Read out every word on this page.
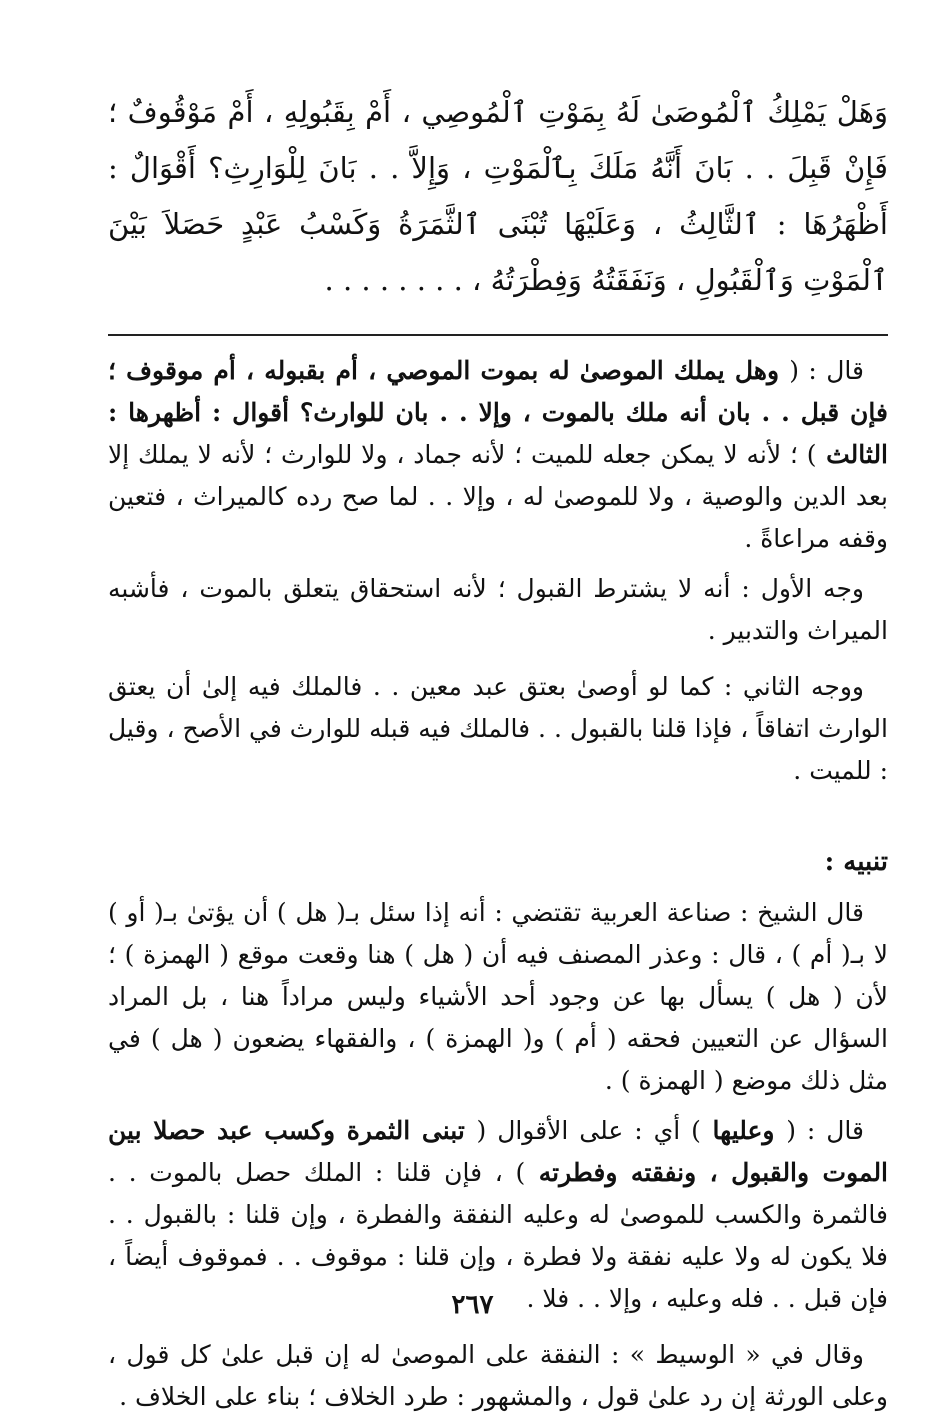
وَهَلْ يَمْلِكُ ٱلْمُوصَىٰ لَهُ بِمَوْتِ ٱلْمُوصِي ، أَمْ بِقَبُولِهِ ، أَمْ مَوْقُوفٌ ؛ فَإِنْ قَبِلَ . . بَانَ أَنَّهُ مَلَكَ بِٱلْمَوْتِ ، وَإِلاَّ . . بَانَ لِلْوَارِثِ؟ أَقْوَالٌ : أَظْهَرُهَا : ٱلثَّالِثُ ، وَعَلَيْهَا تُبْنَى ٱلثَّمَرَةُ وَكَسْبُ عَبْدٍ حَصَلاَ بَيْنَ ٱلْمَوْتِ وَٱلْقَبُولِ ، وَنَفَقَتُهُ وَفِطْرَتُهُ ، . . . . . . . .

قال : ( وهل يملك الموصىٰ له بموت الموصي ، أم بقبوله ، أم موقوف ؛ فإن قبل . . بان أنه ملك بالموت ، وإلا . . بان للوارث؟ أقوال : أظهرها : الثالث ) ؛ لأنه لا يمكن جعله للميت ؛ لأنه جماد ، ولا للوارث ؛ لأنه لا يملك إلا بعد الدين والوصية ، ولا للموصىٰ له ، وإلا . . لما صح رده كالميراث ، فتعين وقفه مراعاةً .

وجه الأول : أنه لا يشترط القبول ؛ لأنه استحقاق يتعلق بالموت ، فأشبه الميراث والتدبير .

ووجه الثاني : كما لو أوصىٰ بعتق عبد معين . . فالملك فيه إلىٰ أن يعتق الوارث اتفاقاً ، فإذا قلنا بالقبول . . فالملك فيه قبله للوارث في الأصح ، وقيل : للميت .

تنبيه :

قال الشيخ : صناعة العربية تقتضي : أنه إذا سئل بـ( هل ) أن يؤتىٰ بـ( أو ) لا بـ( أم ) ، قال : وعذر المصنف فيه أن ( هل ) هنا وقعت موقع ( الهمزة ) ؛ لأن ( هل ) يسأل بها عن وجود أحد الأشياء وليس مراداً هنا ، بل المراد السؤال عن التعيين فحقه ( أم ) و( الهمزة ) ، والفقهاء يضعون ( هل ) في مثل ذلك موضع ( الهمزة ) .

قال : ( وعليها ) أي : على الأقوال ( تبنى الثمرة وكسب عبد حصلا بين الموت والقبول ، ونفقته وفطرته ) ، فإن قلنا : الملك حصل بالموت . . فالثمرة والكسب للموصىٰ له وعليه النفقة والفطرة ، وإن قلنا : بالقبول . . فلا يكون له ولا عليه نفقة ولا فطرة ، وإن قلنا : موقوف . . فموقوف أيضاً ، فإن قبل . . فله وعليه ، وإلا . . فلا .

وقال في « الوسيط » : النفقة على الموصىٰ له إن قبل علىٰ كل قول ، وعلى الورثة إن رد علىٰ قول ، والمشهور : طرد الخلاف ؛ بناء على الخلاف .

٢٦٧
